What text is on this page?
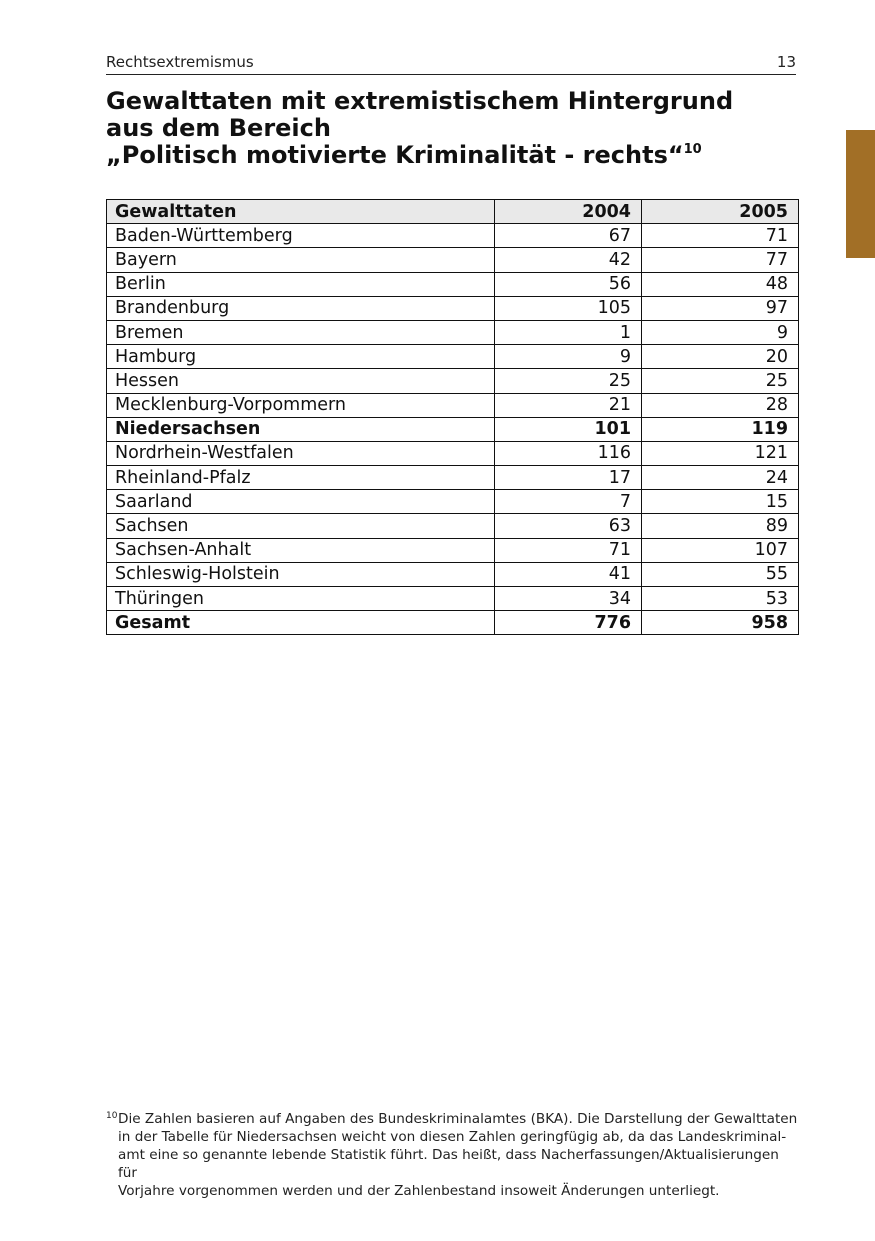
Rechtsextremismus	13
Gewalttaten mit extremistischem Hintergrund
aus dem Bereich
„Politisch motivierte Kriminalität - rechts“$^{10}$
Gewalttaten	2004	2005
Baden-Württemberg	67	71
Bayern	42	77
Berlin	56	48
Brandenburg	105	97
Bremen	1	9
Hamburg	9	20
Hessen	25	25
Mecklenburg-Vorpommern	21	28
Niedersachsen	101	119
Nordrhein-Westfalen	116	121
Rheinland-Pfalz	17	24
Saarland	7	15
Sachsen	63	89
Sachsen-Anhalt	71	107
Schleswig-Holstein	41	55
Thüringen	34	53
Gesamt	776	958
10 Die Zahlen basieren auf Angaben des Bundeskriminalamtes (BKA). Die Darstellung der Gewalttaten
in der Tabelle für Niedersachsen weicht von diesen Zahlen geringfügig ab, da das Landeskriminal-
amt eine so genannte lebende Statistik führt. Das heißt, dass Nacherfassungen/Aktualisierungen für
Vorjahre vorgenommen werden und der Zahlenbestand insoweit Änderungen unterliegt.
